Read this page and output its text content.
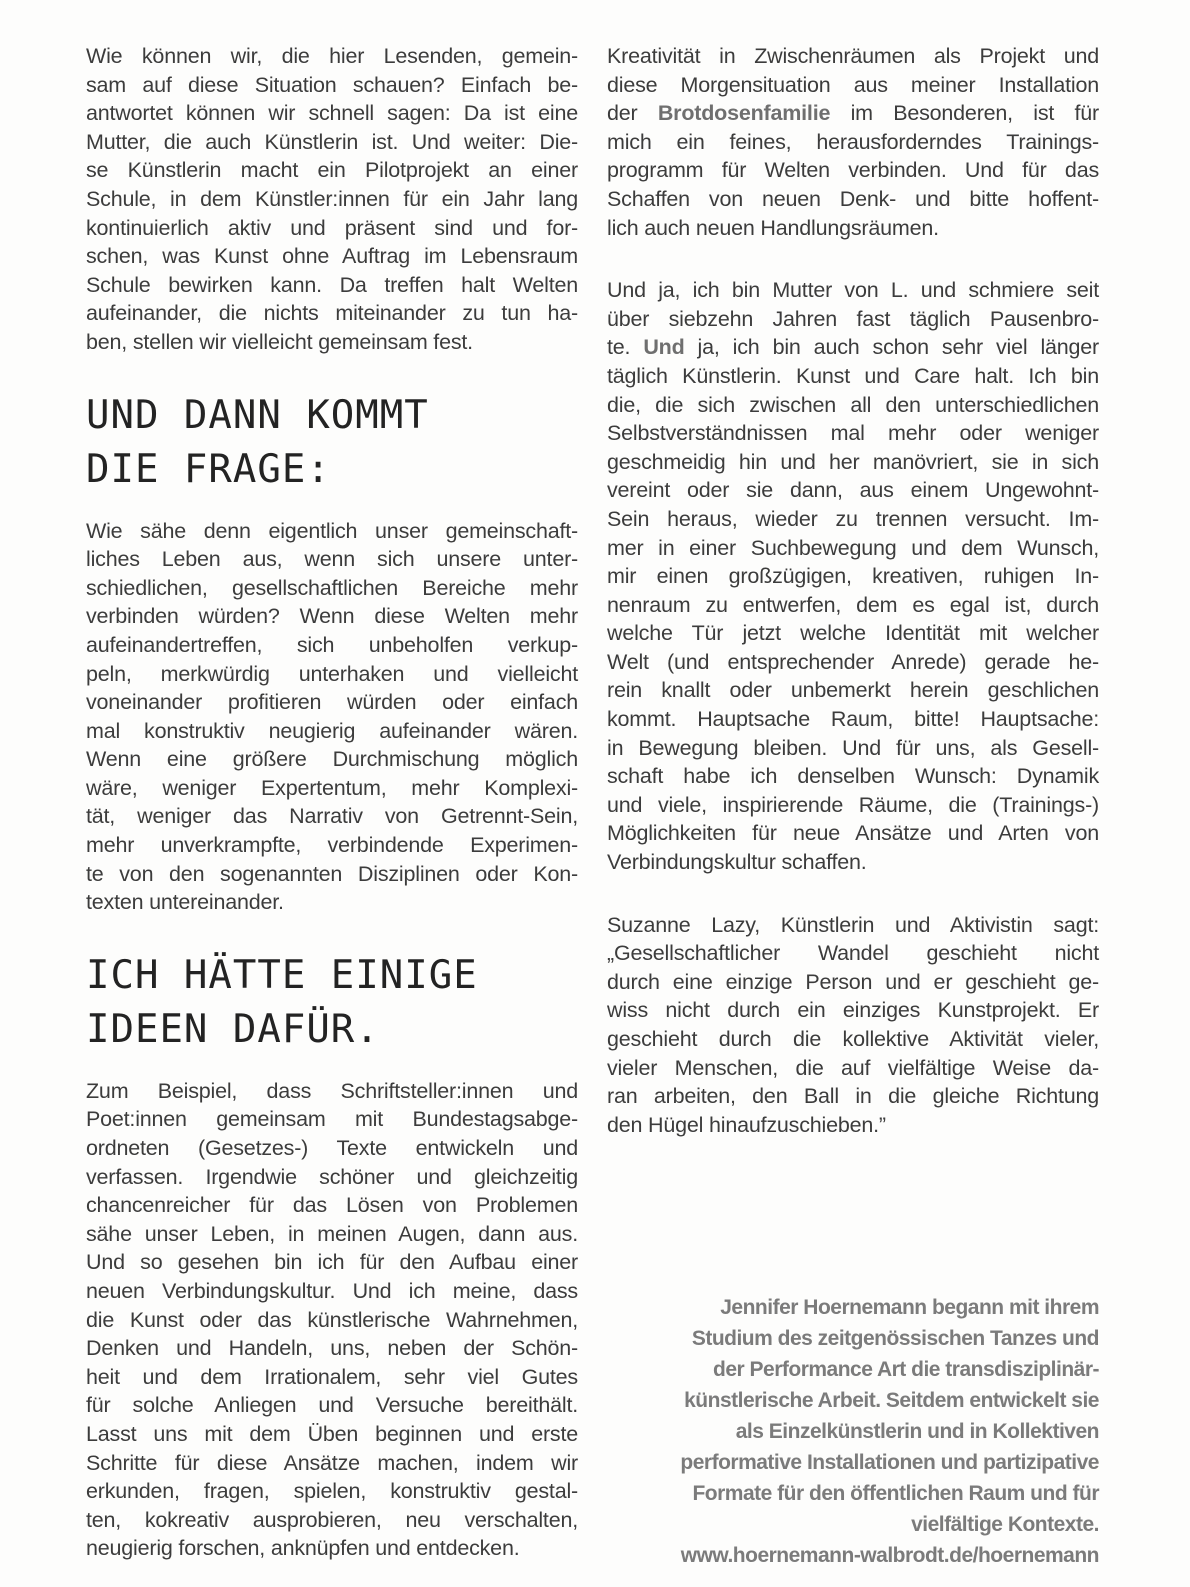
Wie können wir, die hier Lesenden, gemein-
sam auf diese Situation schauen? Einfach be-
antwortet können wir schnell sagen: Da ist eine
Mutter, die auch Künstlerin ist. Und weiter: Die-
se Künstlerin macht ein Pilotprojekt an einer
Schule, in dem Künstler:innen für ein Jahr lang
kontinuierlich aktiv und präsent sind und for-
schen, was Kunst ohne Auftrag im Lebensraum
Schule bewirken kann. Da treffen halt Welten
aufeinander, die nichts miteinander zu tun ha-
ben, stellen wir vielleicht gemeinsam fest.
UND DANN KOMMT
DIE FRAGE:
Wie sähe denn eigentlich unser gemeinschaft-
liches Leben aus, wenn sich unsere unter-
schiedlichen, gesellschaftlichen Bereiche mehr
verbinden würden? Wenn diese Welten mehr
aufeinandertreffen, sich unbeholfen verkup-
peln, merkwürdig unterhaken und vielleicht
voneinander profitieren würden oder einfach
mal konstruktiv neugierig aufeinander wären.
Wenn eine größere Durchmischung möglich
wäre, weniger Expertentum, mehr Komplexi-
tät, weniger das Narrativ von Getrennt-Sein,
mehr unverkrampfte, verbindende Experimen-
te von den sogenannten Disziplinen oder Kon-
texten untereinander.
ICH HÄTTE EINIGE
IDEEN DAFÜR.
Zum Beispiel, dass Schriftsteller:innen und
Poet:innen gemeinsam mit Bundestagsabge-
ordneten (Gesetzes-) Texte entwickeln und
verfassen. Irgendwie schöner und gleichzeitig
chancenreicher für das Lösen von Problemen
sähe unser Leben, in meinen Augen, dann aus.
Und so gesehen bin ich für den Aufbau einer
neuen Verbindungskultur. Und ich meine, dass
die Kunst oder das künstlerische Wahrnehmen,
Denken und Handeln, uns, neben der Schön-
heit und dem Irrationalem, sehr viel Gutes
für solche Anliegen und Versuche bereithält.
Lasst uns mit dem Üben beginnen und erste
Schritte für diese Ansätze machen, indem wir
erkunden, fragen, spielen, konstruktiv gestal-
ten, kokreativ ausprobieren, neu verschalten,
neugierig forschen, anknüpfen und entdecken.
Kreativität in Zwischenräumen als Projekt und
diese Morgensituation aus meiner Installation
der Brotdosenfamilie im Besonderen, ist für
mich ein feines, herausforderndes Trainings-
programm für Welten verbinden. Und für das
Schaffen von neuen Denk- und bitte hoffent-
lich auch neuen Handlungsräumen.
Und ja, ich bin Mutter von L. und schmiere seit
über siebzehn Jahren fast täglich Pausenbro-
te. Und ja, ich bin auch schon sehr viel länger
täglich Künstlerin. Kunst und Care halt. Ich bin
die, die sich zwischen all den unterschiedlichen
Selbstverständnissen mal mehr oder weniger
geschmeidig hin und her manövriert, sie in sich
vereint oder sie dann, aus einem Ungewohnt-
Sein heraus, wieder zu trennen versucht. Im-
mer in einer Suchbewegung und dem Wunsch,
mir einen großzügigen, kreativen, ruhigen In-
nenraum zu entwerfen, dem es egal ist, durch
welche Tür jetzt welche Identität mit welcher
Welt (und entsprechender Anrede) gerade he-
rein knallt oder unbemerkt herein geschlichen
kommt. Hauptsache Raum, bitte! Hauptsache:
in Bewegung bleiben. Und für uns, als Gesell-
schaft habe ich denselben Wunsch: Dynamik
und viele, inspirierende Räume, die (Trainings-)
Möglichkeiten für neue Ansätze und Arten von
Verbindungskultur schaffen.
Suzanne Lazy, Künstlerin und Aktivistin sagt:
„Gesellschaftlicher Wandel geschieht nicht
durch eine einzige Person und er geschieht ge-
wiss nicht durch ein einziges Kunstprojekt. Er
geschieht durch die kollektive Aktivität vieler,
vieler Menschen, die auf vielfältige Weise da-
ran arbeiten, den Ball in die gleiche Richtung
den Hügel hinaufzuschieben.”
Jennifer Hoernemann begann mit ihrem
Studium des zeitgenössischen Tanzes und
der Performance Art die transdisziplinär-
künstlerische Arbeit. Seitdem entwickelt sie
als Einzelkünstlerin und in Kollektiven
performative Installationen und partizipative
Formate für den öffentlichen Raum und für
vielfältige Kontexte.
www.hoernemann-walbrodt.de/hoernemann
